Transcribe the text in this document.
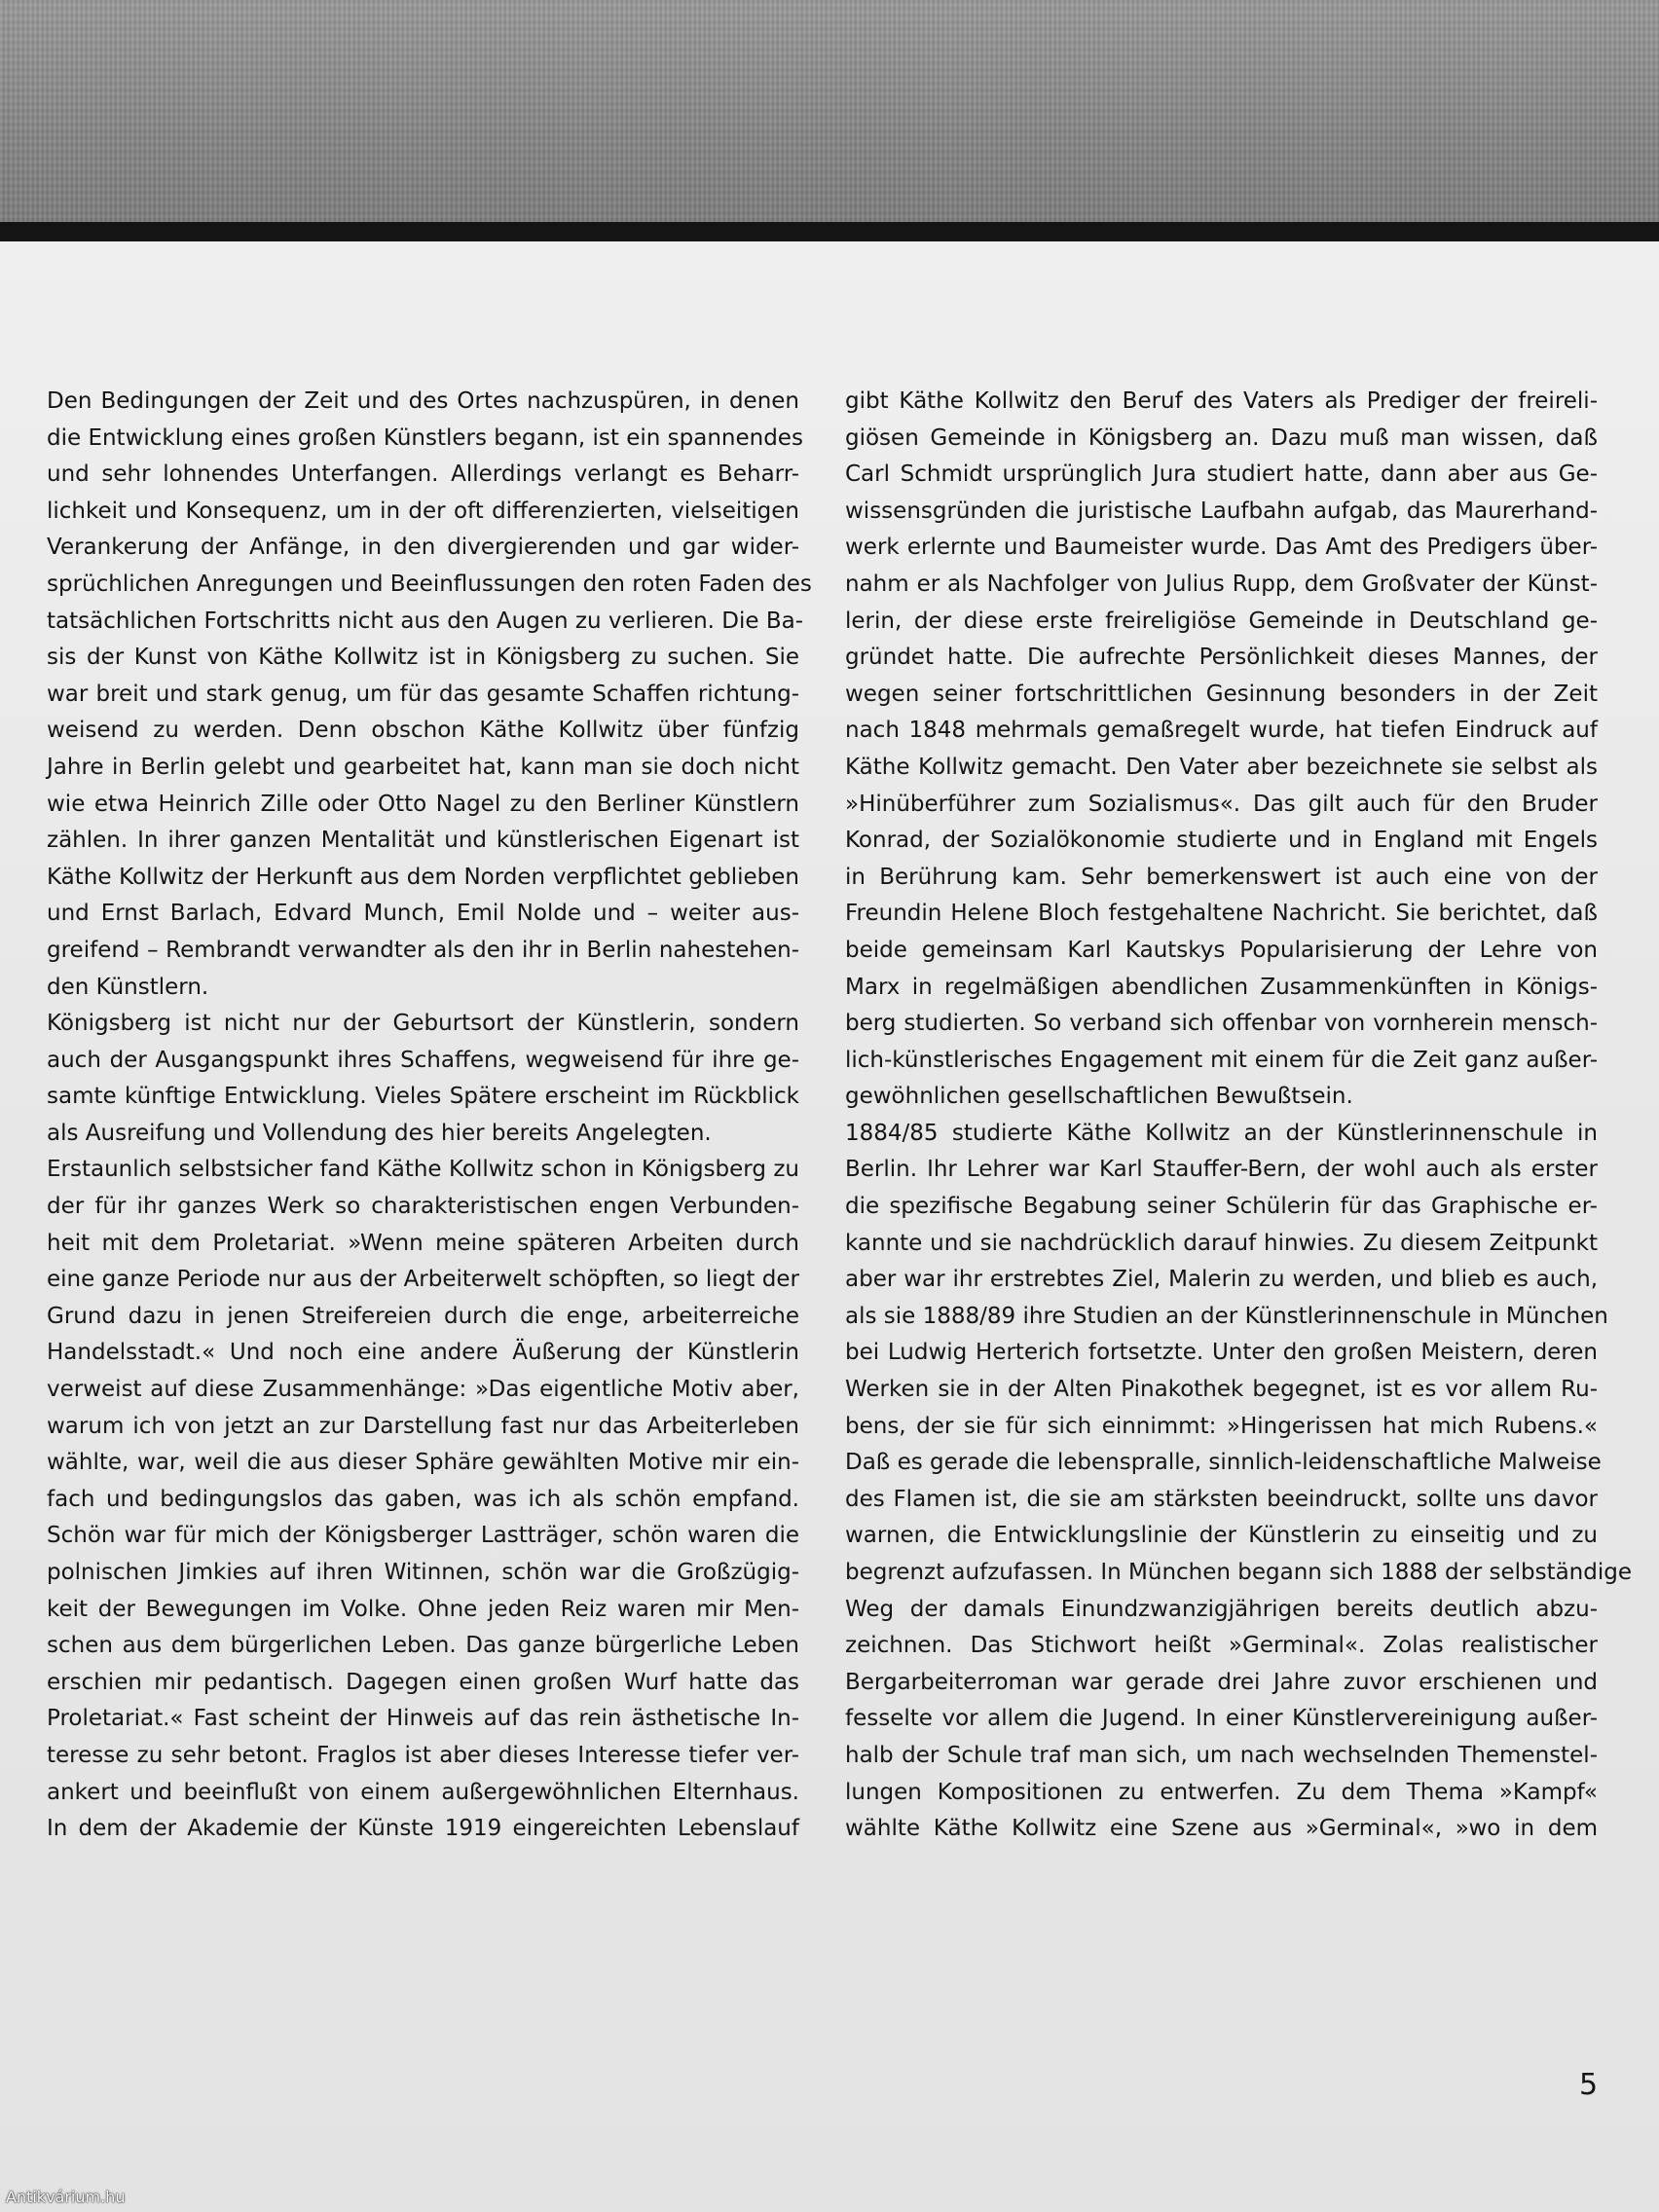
Den Bedingungen der Zeit und des Ortes nachzuspüren, in denen
die Entwicklung eines großen Künstlers begann, ist ein spannendes
und sehr lohnendes Unterfangen. Allerdings verlangt es Beharr-
lichkeit und Konsequenz, um in der oft differenzierten, vielseitigen
Verankerung der Anfänge, in den divergierenden und gar wider-
sprüchlichen Anregungen und Beeinflussungen den roten Faden des
tatsächlichen Fortschritts nicht aus den Augen zu verlieren. Die Ba-
sis der Kunst von Käthe Kollwitz ist in Königsberg zu suchen. Sie
war breit und stark genug, um für das gesamte Schaffen richtung-
weisend zu werden. Denn obschon Käthe Kollwitz über fünfzig
Jahre in Berlin gelebt und gearbeitet hat, kann man sie doch nicht
wie etwa Heinrich Zille oder Otto Nagel zu den Berliner Künstlern
zählen. In ihrer ganzen Mentalität und künstlerischen Eigenart ist
Käthe Kollwitz der Herkunft aus dem Norden verpflichtet geblieben
und Ernst Barlach, Edvard Munch, Emil Nolde und – weiter aus-
greifend – Rembrandt verwandter als den ihr in Berlin nahestehen-
den Künstlern.
Königsberg ist nicht nur der Geburtsort der Künstlerin, sondern
auch der Ausgangspunkt ihres Schaffens, wegweisend für ihre ge-
samte künftige Entwicklung. Vieles Spätere erscheint im Rückblick
als Ausreifung und Vollendung des hier bereits Angelegten.
Erstaunlich selbstsicher fand Käthe Kollwitz schon in Königsberg zu
der für ihr ganzes Werk so charakteristischen engen Verbunden-
heit mit dem Proletariat. »Wenn meine späteren Arbeiten durch
eine ganze Periode nur aus der Arbeiterwelt schöpften, so liegt der
Grund dazu in jenen Streifereien durch die enge, arbeiterreiche
Handelsstadt.« Und noch eine andere Äußerung der Künstlerin
verweist auf diese Zusammenhänge: »Das eigentliche Motiv aber,
warum ich von jetzt an zur Darstellung fast nur das Arbeiterleben
wählte, war, weil die aus dieser Sphäre gewählten Motive mir ein-
fach und bedingungslos das gaben, was ich als schön empfand.
Schön war für mich der Königsberger Lastträger, schön waren die
polnischen Jimkies auf ihren Witinnen, schön war die Großzügig-
keit der Bewegungen im Volke. Ohne jeden Reiz waren mir Men-
schen aus dem bürgerlichen Leben. Das ganze bürgerliche Leben
erschien mir pedantisch. Dagegen einen großen Wurf hatte das
Proletariat.« Fast scheint der Hinweis auf das rein ästhetische In-
teresse zu sehr betont. Fraglos ist aber dieses Interesse tiefer ver-
ankert und beeinflußt von einem außergewöhnlichen Elternhaus.
In dem der Akademie der Künste 1919 eingereichten Lebenslauf
gibt Käthe Kollwitz den Beruf des Vaters als Prediger der freireli-
giösen Gemeinde in Königsberg an. Dazu muß man wissen, daß
Carl Schmidt ursprünglich Jura studiert hatte, dann aber aus Ge-
wissensgründen die juristische Laufbahn aufgab, das Maurerhand-
werk erlernte und Baumeister wurde. Das Amt des Predigers über-
nahm er als Nachfolger von Julius Rupp, dem Großvater der Künst-
lerin, der diese erste freireligiöse Gemeinde in Deutschland ge-
gründet hatte. Die aufrechte Persönlichkeit dieses Mannes, der
wegen seiner fortschrittlichen Gesinnung besonders in der Zeit
nach 1848 mehrmals gemaßregelt wurde, hat tiefen Eindruck auf
Käthe Kollwitz gemacht. Den Vater aber bezeichnete sie selbst als
»Hinüberführer zum Sozialismus«. Das gilt auch für den Bruder
Konrad, der Sozialökonomie studierte und in England mit Engels
in Berührung kam. Sehr bemerkenswert ist auch eine von der
Freundin Helene Bloch festgehaltene Nachricht. Sie berichtet, daß
beide gemeinsam Karl Kautskys Popularisierung der Lehre von
Marx in regelmäßigen abendlichen Zusammenkünften in Königs-
berg studierten. So verband sich offenbar von vornherein mensch-
lich-künstlerisches Engagement mit einem für die Zeit ganz außer-
gewöhnlichen gesellschaftlichen Bewußtsein.
1884/85 studierte Käthe Kollwitz an der Künstlerinnenschule in
Berlin. Ihr Lehrer war Karl Stauffer-Bern, der wohl auch als erster
die spezifische Begabung seiner Schülerin für das Graphische er-
kannte und sie nachdrücklich darauf hinwies. Zu diesem Zeitpunkt
aber war ihr erstrebtes Ziel, Malerin zu werden, und blieb es auch,
als sie 1888/89 ihre Studien an der Künstlerinnenschule in München
bei Ludwig Herterich fortsetzte. Unter den großen Meistern, deren
Werken sie in der Alten Pinakothek begegnet, ist es vor allem Ru-
bens, der sie für sich einnimmt: »Hingerissen hat mich Rubens.«
Daß es gerade die lebenspralle, sinnlich-leidenschaftliche Malweise
des Flamen ist, die sie am stärksten beeindruckt, sollte uns davor
warnen, die Entwicklungslinie der Künstlerin zu einseitig und zu
begrenzt aufzufassen. In München begann sich 1888 der selbständige
Weg der damals Einundzwanzigjährigen bereits deutlich abzu-
zeichnen. Das Stichwort heißt »Germinal«. Zolas realistischer
Bergarbeiterroman war gerade drei Jahre zuvor erschienen und
fesselte vor allem die Jugend. In einer Künstlervereinigung außer-
halb der Schule traf man sich, um nach wechselnden Themenstel-
lungen Kompositionen zu entwerfen. Zu dem Thema »Kampf«
wählte Käthe Kollwitz eine Szene aus »Germinal«, »wo in dem
5
Antikvárium.hu
